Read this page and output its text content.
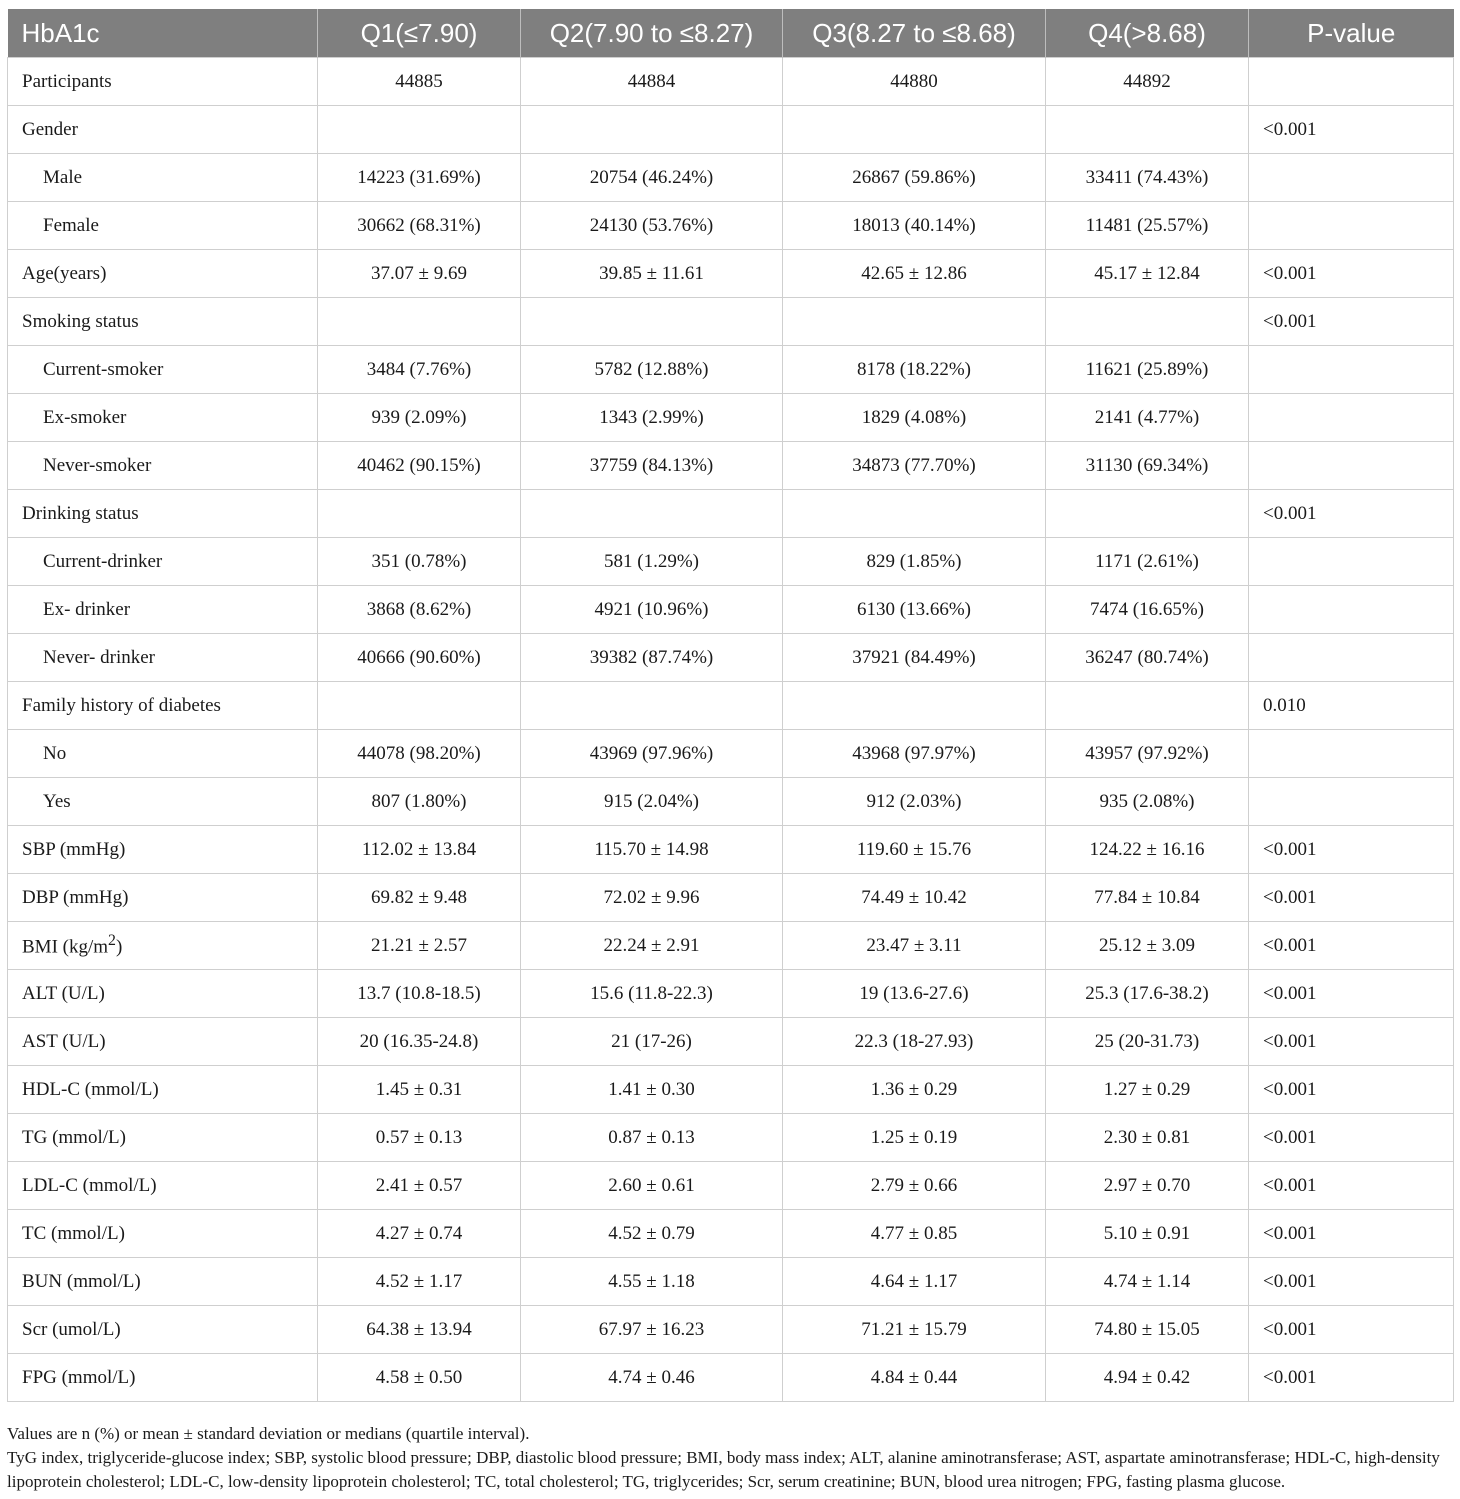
HbA1c	Q1(≤7.90)	Q2(7.90 to ≤8.27)	Q3(8.27 to ≤8.68)	Q4(>8.68)	P-value
Participants	44885	44884	44880	44892	
Gender					<0.001
Male	14223 (31.69%)	20754 (46.24%)	26867 (59.86%)	33411 (74.43%)	
Female	30662 (68.31%)	24130 (53.76%)	18013 (40.14%)	11481 (25.57%)	
Age(years)	37.07 ± 9.69	39.85 ± 11.61	42.65 ± 12.86	45.17 ± 12.84	<0.001
Smoking status					<0.001
Current-smoker	3484 (7.76%)	5782 (12.88%)	8178 (18.22%)	11621 (25.89%)	
Ex-smoker	939 (2.09%)	1343 (2.99%)	1829 (4.08%)	2141 (4.77%)	
Never-smoker	40462 (90.15%)	37759 (84.13%)	34873 (77.70%)	31130 (69.34%)	
Drinking status					<0.001
Current-drinker	351 (0.78%)	581 (1.29%)	829 (1.85%)	1171 (2.61%)	
Ex- drinker	3868 (8.62%)	4921 (10.96%)	6130 (13.66%)	7474 (16.65%)	
Never- drinker	40666 (90.60%)	39382 (87.74%)	37921 (84.49%)	36247 (80.74%)	
Family history of diabetes					0.010
No	44078 (98.20%)	43969 (97.96%)	43968 (97.97%)	43957 (97.92%)	
Yes	807 (1.80%)	915 (2.04%)	912 (2.03%)	935 (2.08%)	
SBP (mmHg)	112.02 ± 13.84	115.70 ± 14.98	119.60 ± 15.76	124.22 ± 16.16	<0.001
DBP (mmHg)	69.82 ± 9.48	72.02 ± 9.96	74.49 ± 10.42	77.84 ± 10.84	<0.001
BMI $(kg/m^2)$	21.21 ± 2.57	22.24 ± 2.91	23.47 ± 3.11	25.12 ± 3.09	<0.001
ALT (U/L)	13.7 (10.8-18.5)	15.6 (11.8-22.3)	19 (13.6-27.6)	25.3 (17.6-38.2)	<0.001
AST (U/L)	20 (16.35-24.8)	21 (17-26)	22.3 (18-27.93)	25 (20-31.73)	<0.001
HDL-C (mmol/L)	1.45 ± 0.31	1.41 ± 0.30	1.36 ± 0.29	1.27 ± 0.29	<0.001
TG (mmol/L)	0.57 ± 0.13	0.87 ± 0.13	1.25 ± 0.19	2.30 ± 0.81	<0.001
LDL-C (mmol/L)	2.41 ± 0.57	2.60 ± 0.61	2.79 ± 0.66	2.97 ± 0.70	<0.001
TC (mmol/L)	4.27 ± 0.74	4.52 ± 0.79	4.77 ± 0.85	5.10 ± 0.91	<0.001
BUN (mmol/L)	4.52 ± 1.17	4.55 ± 1.18	4.64 ± 1.17	4.74 ± 1.14	<0.001
Scr (umol/L)	64.38 ± 13.94	67.97 ± 16.23	71.21 ± 15.79	74.80 ± 15.05	<0.001
FPG (mmol/L)	4.58 ± 0.50	4.74 ± 0.46	4.84 ± 0.44	4.94 ± 0.42	<0.001

Values are n (%) or mean ± standard deviation or medians (quartile interval).

TyG index, triglyceride-glucose index; SBP, systolic blood pressure; DBP, diastolic blood pressure; BMI, body mass index; ALT, alanine aminotransferase; AST, aspartate aminotransferase; HDL-C, high-density lipoprotein cholesterol; LDL-C, low-density lipoprotein cholesterol; TC, total cholesterol; TG, triglycerides; Scr, serum creatinine; BUN, blood urea nitrogen; FPG, fasting plasma glucose.
